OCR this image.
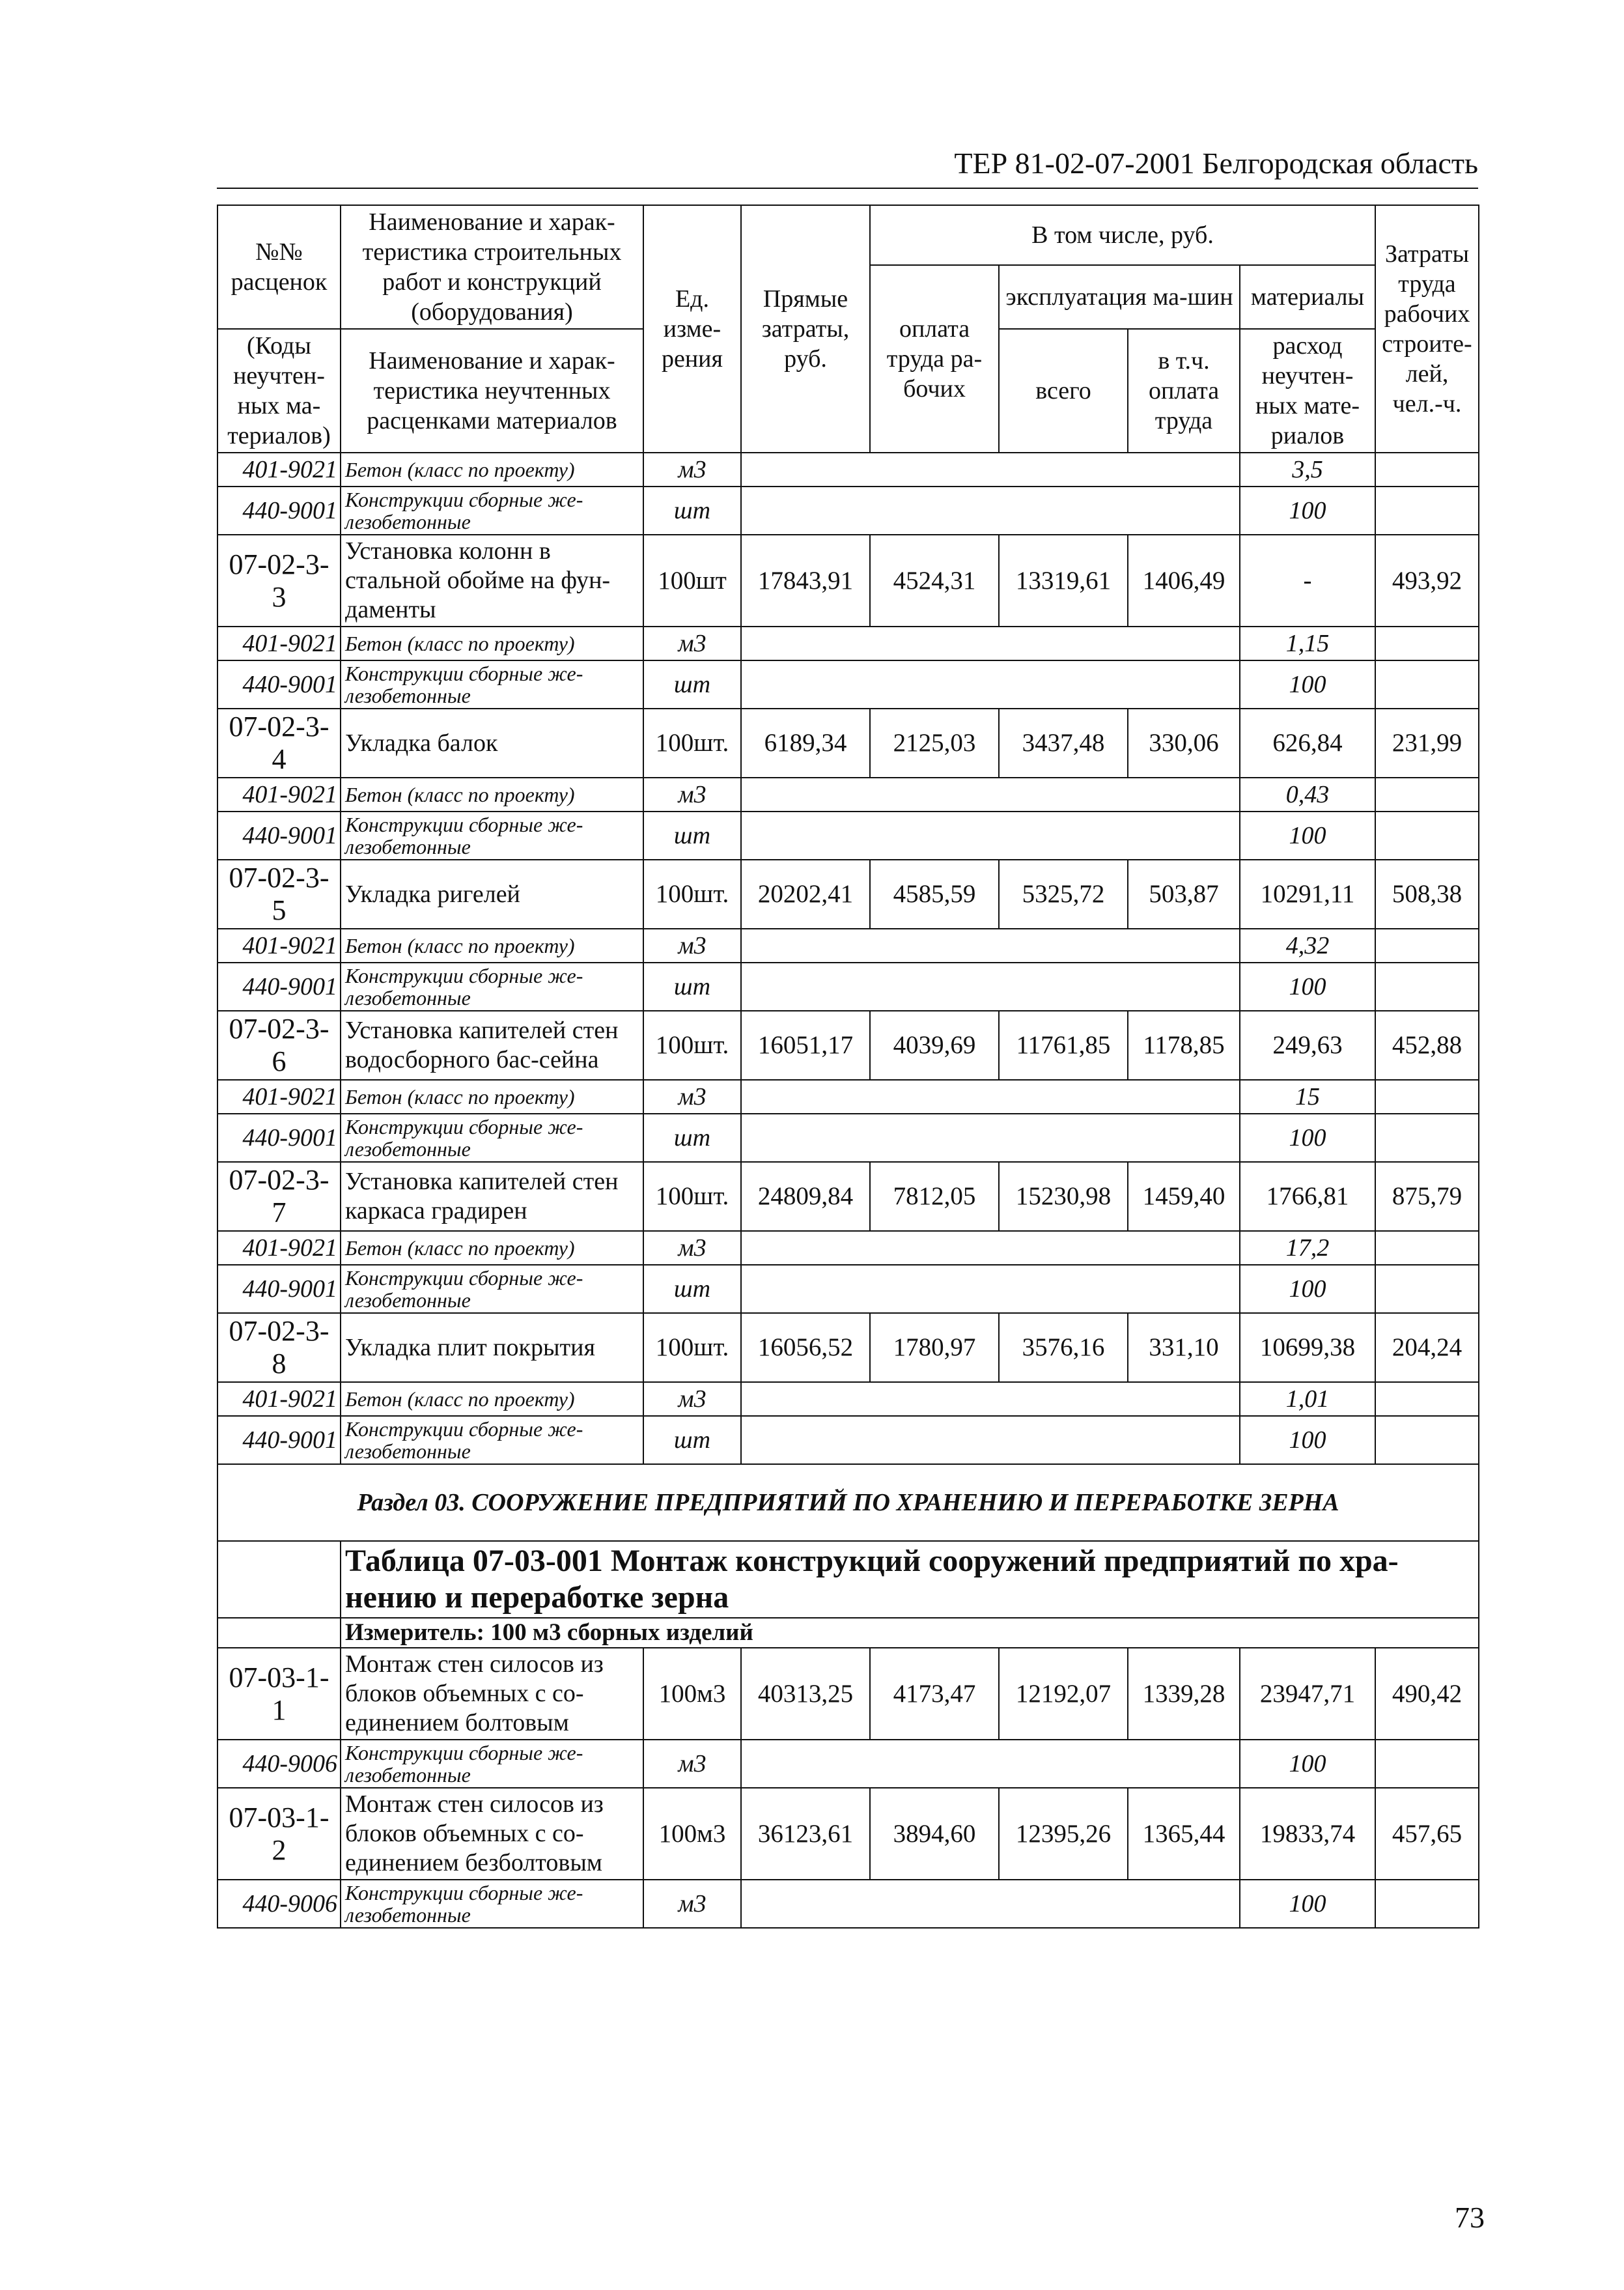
ТЕР 81-02-07-2001 Белгородская область
№№ расценок	Наименование и харак-теристика строительных работ и конструкций (оборудования)	Ед. изме-рения	Прямые затраты, руб.	В том числе, руб.				Затраты труда рабочих строите-лей, чел.-ч.
				оплата труда ра-бочих	эксплуатация ма-шин		материалы	
(Коды неучтен-ных ма-териалов)	Наименование и харак-теристика неучтенных расценками материалов				всего	в т.ч. оплата труда	расход неучтен-ных мате-риалов	

401-9021	Бетон (класс по проекту)	м3					3,5	
440-9001	Конструкции сборные же-лезобетонные	шт					100	
07-02-3-3	Установка колонн в стальной обойме на фун-даменты	100шт	17843,91	4524,31	13319,61	1406,49	-	493,92
401-9021	Бетон (класс по проекту)	м3					1,15	
440-9001	Конструкции сборные же-лезобетонные	шт					100	
07-02-3-4	Укладка балок	100шт.	6189,34	2125,03	3437,48	330,06	626,84	231,99
401-9021	Бетон (класс по проекту)	м3					0,43	
440-9001	Конструкции сборные же-лезобетонные	шт					100	
07-02-3-5	Укладка ригелей	100шт.	20202,41	4585,59	5325,72	503,87	10291,11	508,38
401-9021	Бетон (класс по проекту)	м3					4,32	
440-9001	Конструкции сборные же-лезобетонные	шт					100	
07-02-3-6	Установка капителей стен водосборного бас-сейна	100шт.	16051,17	4039,69	11761,85	1178,85	249,63	452,88
401-9021	Бетон (класс по проекту)	м3					15	
440-9001	Конструкции сборные же-лезобетонные	шт					100	
07-02-3-7	Установка капителей стен каркаса градирен	100шт.	24809,84	7812,05	15230,98	1459,40	1766,81	875,79
401-9021	Бетон (класс по проекту)	м3					17,2	
440-9001	Конструкции сборные же-лезобетонные	шт					100	
07-02-3-8	Укладка плит покрытия	100шт.	16056,52	1780,97	3576,16	331,10	10699,38	204,24
401-9021	Бетон (класс по проекту)	м3					1,01	
440-9001	Конструкции сборные же-лезобетонные	шт					100	
Раздел 03. СООРУЖЕНИЕ ПРЕДПРИЯТИЙ ПО ХРАНЕНИЮ И ПЕРЕРАБОТКЕ ЗЕРНА								
	Таблица 07-03-001 Монтаж конструкций сооружений предприятий по хра-нению и переработке зерна							
	Измеритель: 100 м3 сборных изделий							
07-03-1-1	Монтаж стен силосов из блоков объемных с со-единением болтовым	100м3	40313,25	4173,47	12192,07	1339,28	23947,71	490,42
440-9006	Конструкции сборные же-лезобетонные	м3					100	
07-03-1-2	Монтаж стен силосов из блоков объемных с со-единением безболтовым	100м3	36123,61	3894,60	12395,26	1365,44	19833,74	457,65
440-9006	Конструкции сборные же-лезобетонные	м3					100	
73
